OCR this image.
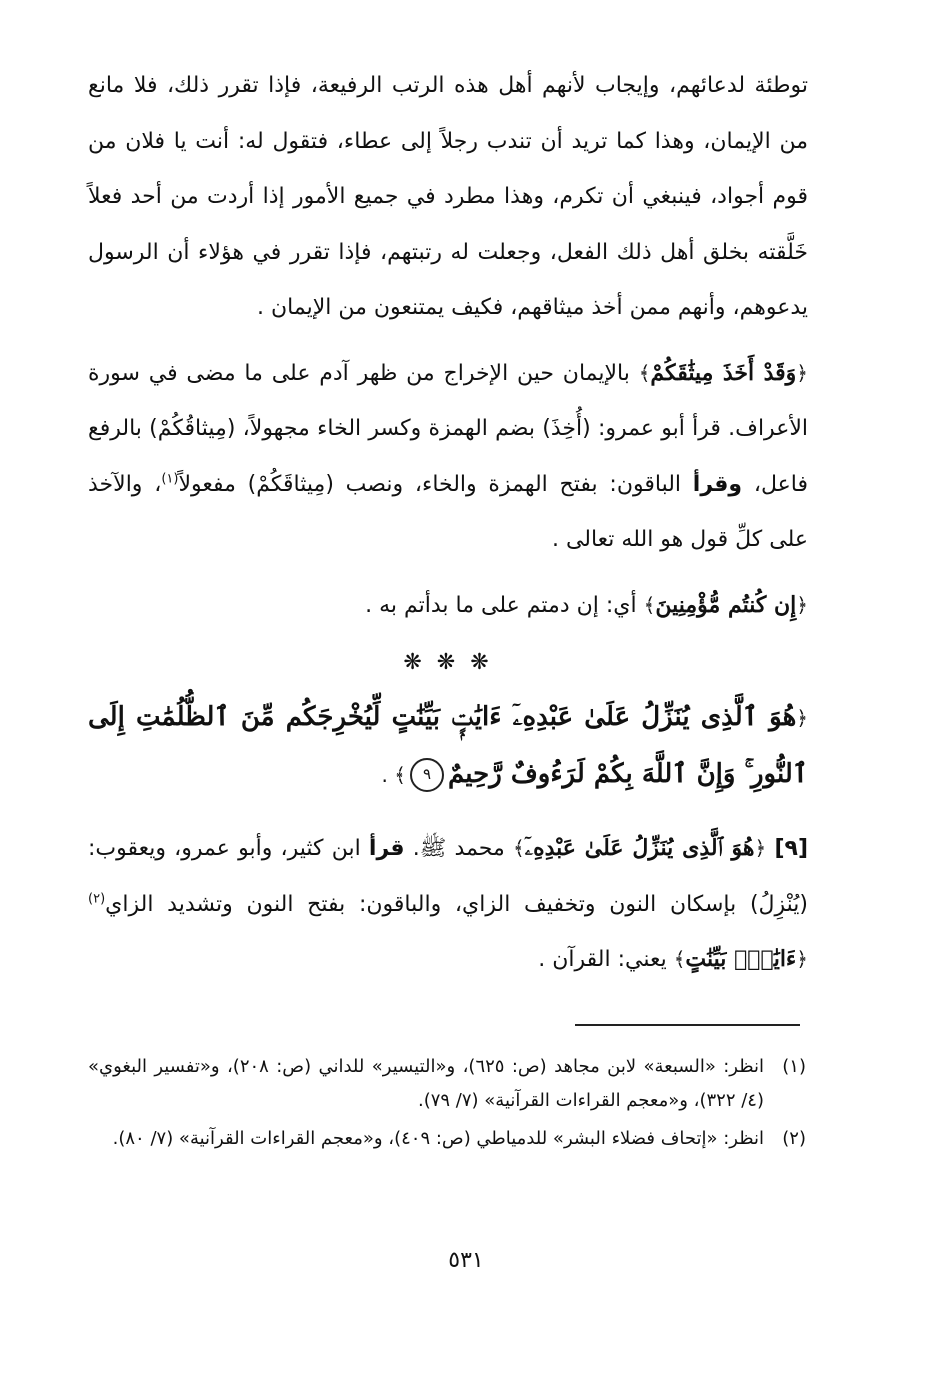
توطئة لدعائهم، وإيجاب لأنهم أهل هذه الرتب الرفيعة، فإذا تقرر ذلك، فلا مانع من الإيمان، وهذا كما تريد أن تندب رجلاً إلى عطاء، فتقول له: أنت يا فلان من قوم أجواد، فينبغي أن تكرم، وهذا مطرد في جميع الأمور إذا أردت من أحد فعلاً خَلَّقته بخلق أهل ذلك الفعل، وجعلت له رتبتهم، فإذا تقرر في هؤلاء أن الرسول يدعوهم، وأنهم ممن أخذ ميثاقهم، فكيف يمتنعون من الإيمان .

﴿وَقَدْ أَخَذَ مِيثَٰقَكُمْ﴾ بالإيمان حين الإخراج من ظهر آدم على ما مضى في سورة الأعراف. قرأ أبو عمرو: (أُخِذَ) بضم الهمزة وكسر الخاء مجهولاً، (مِيثاقُكُمْ) بالرفع فاعل، وقرأ الباقون: بفتح الهمزة والخاء، ونصب (مِيثاقَكُمْ) مفعولاً$^{(١)}$، والآخذ على كلِّ قول هو الله تعالى .

﴿إِن كُنتُم مُّؤْمِنِينَ﴾ أي: إن دمتم على ما بدأتم به .

❋ ❋ ❋

﴿هُوَ ٱلَّذِى يُنَزِّلُ عَلَىٰ عَبْدِهِۦٓ ءَايَٰتٍۭ بَيِّنَٰتٍ لِّيُخْرِجَكُم مِّنَ ٱلظُّلُمَٰتِ إِلَى ٱلنُّورِ ۚ وَإِنَّ ٱللَّهَ بِكُمْ لَرَءُوفٌ رَّحِيمٌ٩﴾ .

[٩] ﴿هُوَ ٱلَّذِى يُنَزِّلُ عَلَىٰ عَبْدِهِۦٓ﴾ محمد ﷺ. قرأ ابن كثير، وأبو عمرو، ويعقوب: (يُنْزِلُ) بإسكان النون وتخفيف الزاي، والباقون: بفتح النون وتشديد الزاي$^{(٢)}$ ﴿ءَايَٰتٍۭ بَيِّنَٰتٍ﴾ يعني: القرآن .

(١)
انظر: «السبعة» لابن مجاهد (ص: ٦٢٥)، و«التيسير» للداني (ص: ٢٠٨)، و«تفسير البغوي» (٤/ ٣٢٢)، و«معجم القراءات القرآنية» (٧/ ٧٩).

(٢)
انظر: «إتحاف فضلاء البشر» للدمياطي (ص: ٤٠٩)، و«معجم القراءات القرآنية» (٧/ ٨٠).

٥٣١
